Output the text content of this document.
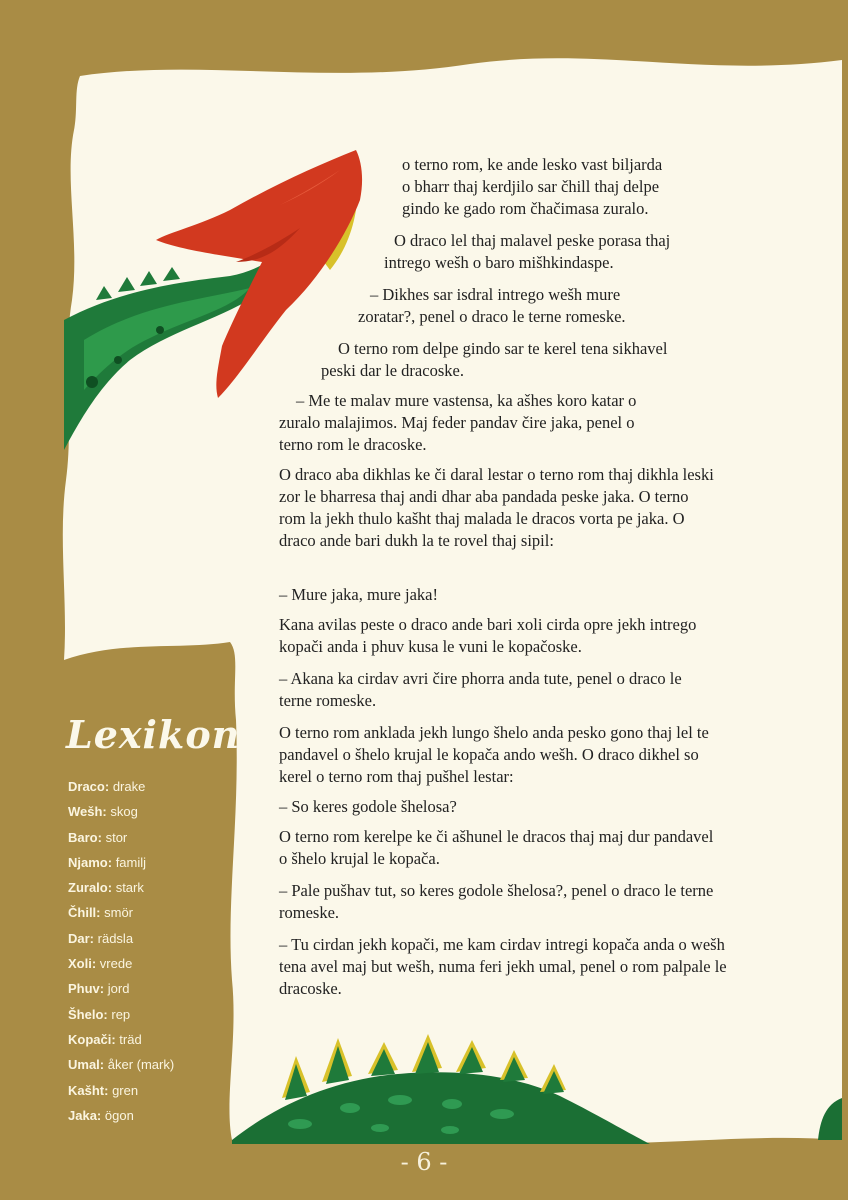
o terno rom, ke ande lesko vast biljarda

o bharr thaj kerdjilo sar čhill thaj delpe

gindo ke gado rom čhačimasa zuralo.

O draco lel thaj malavel peske porasa thaj

intrego wešh o baro mišhkindaspe.

– Dikhes sar isdral intrego wešh mure

zoratar?, penel o draco le terne romeske.

O terno rom delpe gindo sar te kerel tena sikhavel

peski dar le dracoske.

– Me te malav mure vastensa, ka ašhes koro katar o

zuralo malajimos. Maj feder pandav čire jaka, penel o

terno rom le dracoske.

O draco aba dikhlas ke či daral lestar o terno rom thaj dikhla leski zor le bharresa thaj andi dhar aba pandada peske jaka. O terno rom la jekh thulo kašht thaj malada le dracos vorta pe jaka. O draco ande bari dukh la te rovel thaj sipil:

– Mure jaka, mure jaka!

Kana avilas peste o draco ande bari xoli cirda opre jekh intrego kopači anda i phuv kusa le vuni le kopačoske.

– Akana ka cirdav avri čire phorra anda tute, penel o draco le terne romeske.

O terno rom anklada jekh lungo šhelo anda pesko gono thaj lel te pandavel o šhelo krujal le kopača ando wešh. O draco dikhel so kerel o terno rom thaj pušhel lestar:

– So keres godole šhelosa?

O terno rom kerelpe ke či ašhunel le dracos thaj maj dur pandavel o šhelo krujal le kopača.

– Pale pušhav tut, so keres godole šhelosa?, penel o draco le terne romeske.

– Tu cirdan jekh kopači, me kam cirdav intregi kopača anda o wešh tena avel maj but wešh, numa feri jekh umal, penel o rom palpale le dracoske.

Lexikon
Draco: drake
Wešh: skog
Baro: stor
Njamo: familj
Zuralo: stark
Čhill: smör
Dar: rädsla
Xoli: vrede
Phuv: jord
Šhelo: rep
Kopači: träd
Umal: åker (mark)
Kašht: gren
Jaka: ögon
- 6 -
